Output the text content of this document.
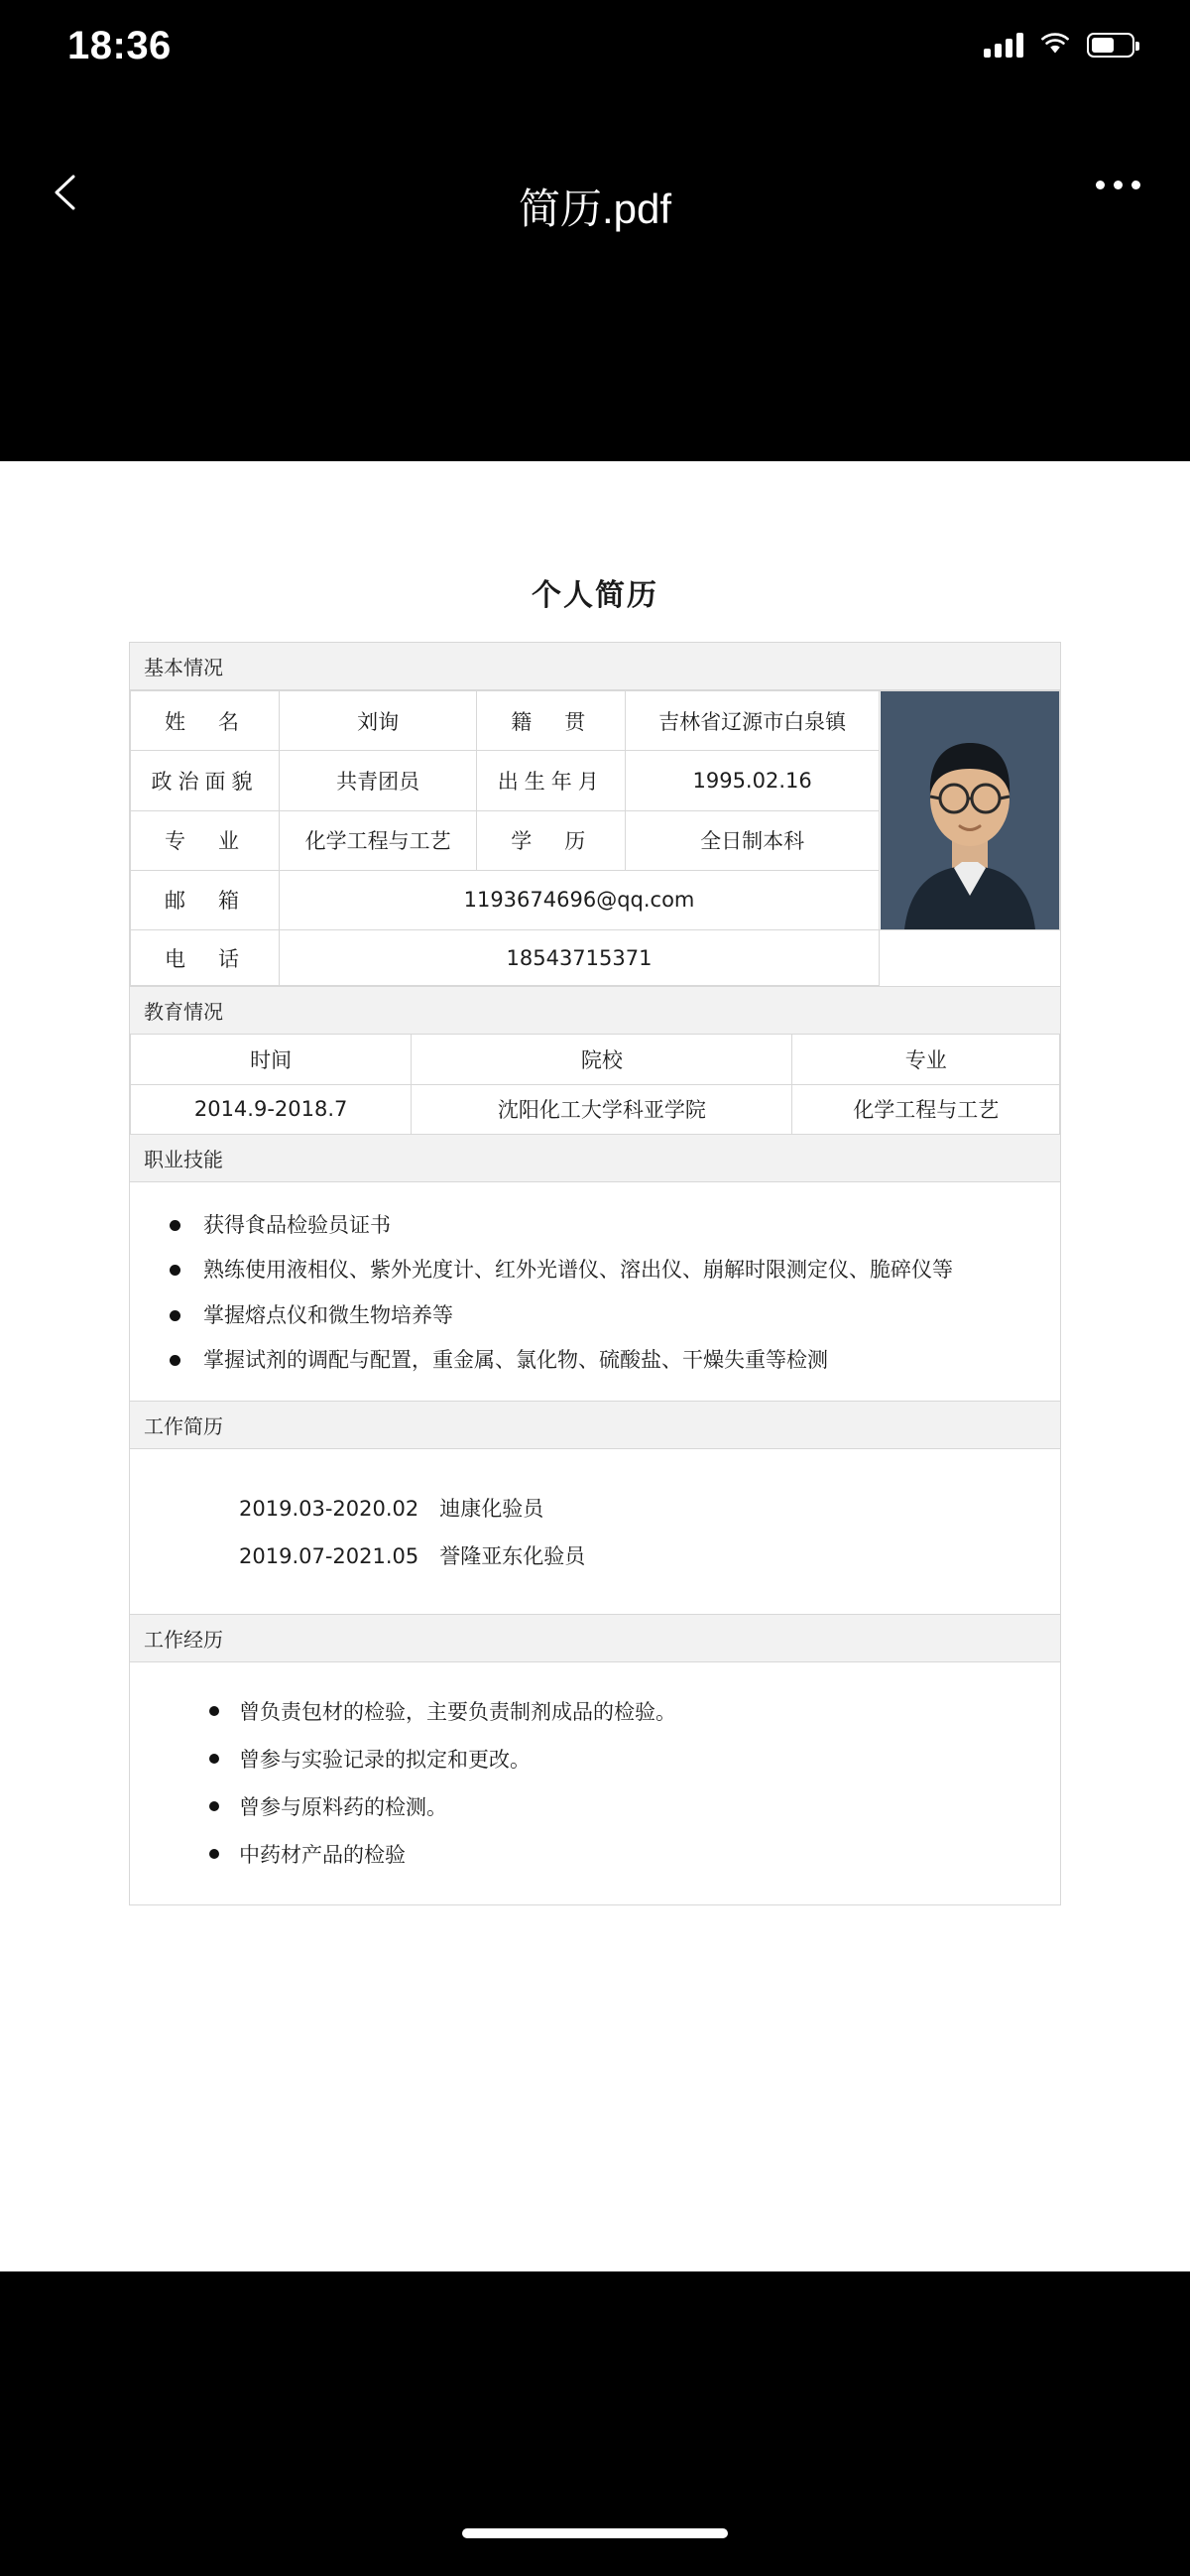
18:36
简历.pdf
个人简历
基本情况
姓　名	刘询	籍　贯	吉林省辽源市白泉镇	

政治面貌	共青团员	出生年月	1995.02.16	
专　业	化学工程与工艺	学　历	全日制本科	
邮　箱	1193674696@qq.com			
电　话	18543715371			
教育情况
时间	院校	专业
2014.9-2018.7	沈阳化工大学科亚学院	化学工程与工艺
职业技能
获得食品检验员证书
熟练使用液相仪、紫外光度计、红外光谱仪、溶出仪、崩解时限测定仪、脆碎仪等
掌握熔点仪和微生物培养等
掌握试剂的调配与配置，重金属、氯化物、硫酸盐、干燥失重等检测
工作简历
2019.03-2020.02　迪康化验员
2019.07-2021.05　誉隆亚东化验员
工作经历
曾负责包材的检验，主要负责制剂成品的检验。
曾参与实验记录的拟定和更改。
曾参与原料药的检测。
中药材产品的检验
